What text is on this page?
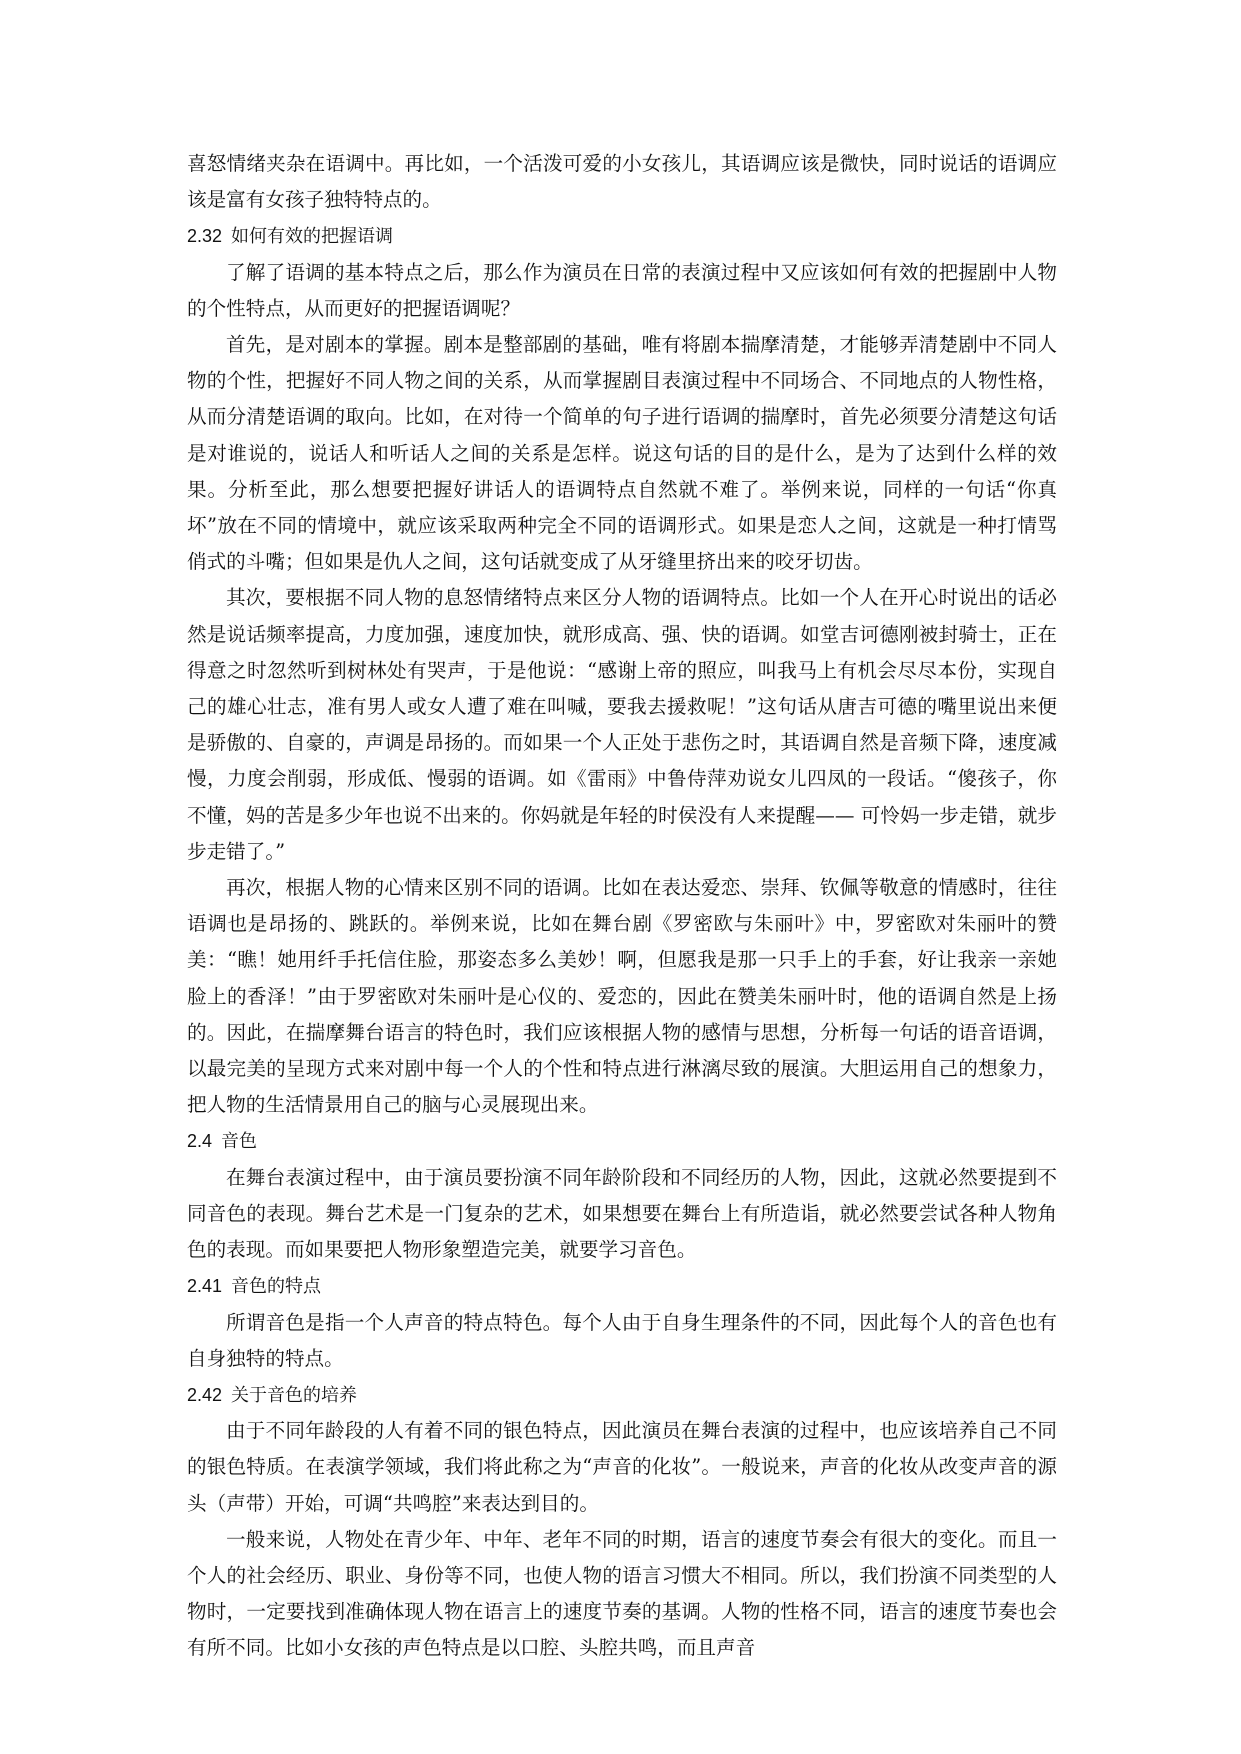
喜怒情绪夹杂在语调中。再比如，一个活泼可爱的小女孩儿，其语调应该是微快，同时说话的语调应该是富有女孩子独特特点的。

2.32 如何有效的把握语调

了解了语调的基本特点之后，那么作为演员在日常的表演过程中又应该如何有效的把握剧中人物的个性特点，从而更好的把握语调呢？

首先，是对剧本的掌握。剧本是整部剧的基础，唯有将剧本揣摩清楚，才能够弄清楚剧中不同人物的个性，把握好不同人物之间的关系，从而掌握剧目表演过程中不同场合、不同地点的人物性格，从而分清楚语调的取向。比如，在对待一个简单的句子进行语调的揣摩时，首先必须要分清楚这句话是对谁说的，说话人和听话人之间的关系是怎样。说这句话的目的是什么，是为了达到什么样的效果。分析至此，那么想要把握好讲话人的语调特点自然就不难了。举例来说，同样的一句话“你真坏”放在不同的情境中，就应该采取两种完全不同的语调形式。如果是恋人之间，这就是一种打情骂俏式的斗嘴；但如果是仇人之间，这句话就变成了从牙缝里挤出来的咬牙切齿。

其次，要根据不同人物的息怒情绪特点来区分人物的语调特点。比如一个人在开心时说出的话必然是说话频率提高，力度加强，速度加快，就形成高、强、快的语调。如堂吉诃德刚被封骑士，正在得意之时忽然听到树林处有哭声，于是他说：“感谢上帝的照应，叫我马上有机会尽尽本份，实现自己的雄心壮志，准有男人或女人遭了难在叫喊，要我去援救呢！”这句话从唐吉可德的嘴里说出来便是骄傲的、自豪的，声调是昂扬的。而如果一个人正处于悲伤之时，其语调自然是音频下降，速度减慢，力度会削弱，形成低、慢弱的语调。如《雷雨》中鲁侍萍劝说女儿四凤的一段话。“傻孩子，你不懂，妈的苦是多少年也说不出来的。你妈就是年轻的时侯没有人来提醒—— 可怜妈一步走错，就步步走错了。”

再次，根据人物的心情来区别不同的语调。比如在表达爱恋、崇拜、钦佩等敬意的情感时，往往语调也是昂扬的、跳跃的。举例来说，比如在舞台剧《罗密欧与朱丽叶》中，罗密欧对朱丽叶的赞美：“瞧！她用纤手托信住脸，那姿态多么美妙！啊，但愿我是那一只手上的手套，好让我亲一亲她脸上的香泽！”由于罗密欧对朱丽叶是心仪的、爱恋的，因此在赞美朱丽叶时，他的语调自然是上扬的。因此，在揣摩舞台语言的特色时，我们应该根据人物的感情与思想，分析每一句话的语音语调，以最完美的呈现方式来对剧中每一个人的个性和特点进行淋漓尽致的展演。大胆运用自己的想象力，把人物的生活情景用自己的脑与心灵展现出来。

2.4 音色

在舞台表演过程中，由于演员要扮演不同年龄阶段和不同经历的人物，因此，这就必然要提到不同音色的表现。舞台艺术是一门复杂的艺术，如果想要在舞台上有所造诣，就必然要尝试各种人物角色的表现。而如果要把人物形象塑造完美，就要学习音色。

2.41 音色的特点

所谓音色是指一个人声音的特点特色。每个人由于自身生理条件的不同，因此每个人的音色也有自身独特的特点。

2.42 关于音色的培养

由于不同年龄段的人有着不同的银色特点，因此演员在舞台表演的过程中，也应该培养自己不同的银色特质。在表演学领域，我们将此称之为“声音的化妆”。一般说来，声音的化妆从改变声音的源头（声带）开始，可调“共鸣腔”来表达到目的。

一般来说，人物处在青少年、中年、老年不同的时期，语言的速度节奏会有很大的变化。而且一个人的社会经历、职业、身份等不同，也使人物的语言习惯大不相同。所以，我们扮演不同类型的人物时，一定要找到准确体现人物在语言上的速度节奏的基调。人物的性格不同，语言的速度节奏也会有所不同。比如小女孩的声色特点是以口腔、头腔共鸣，而且声音
